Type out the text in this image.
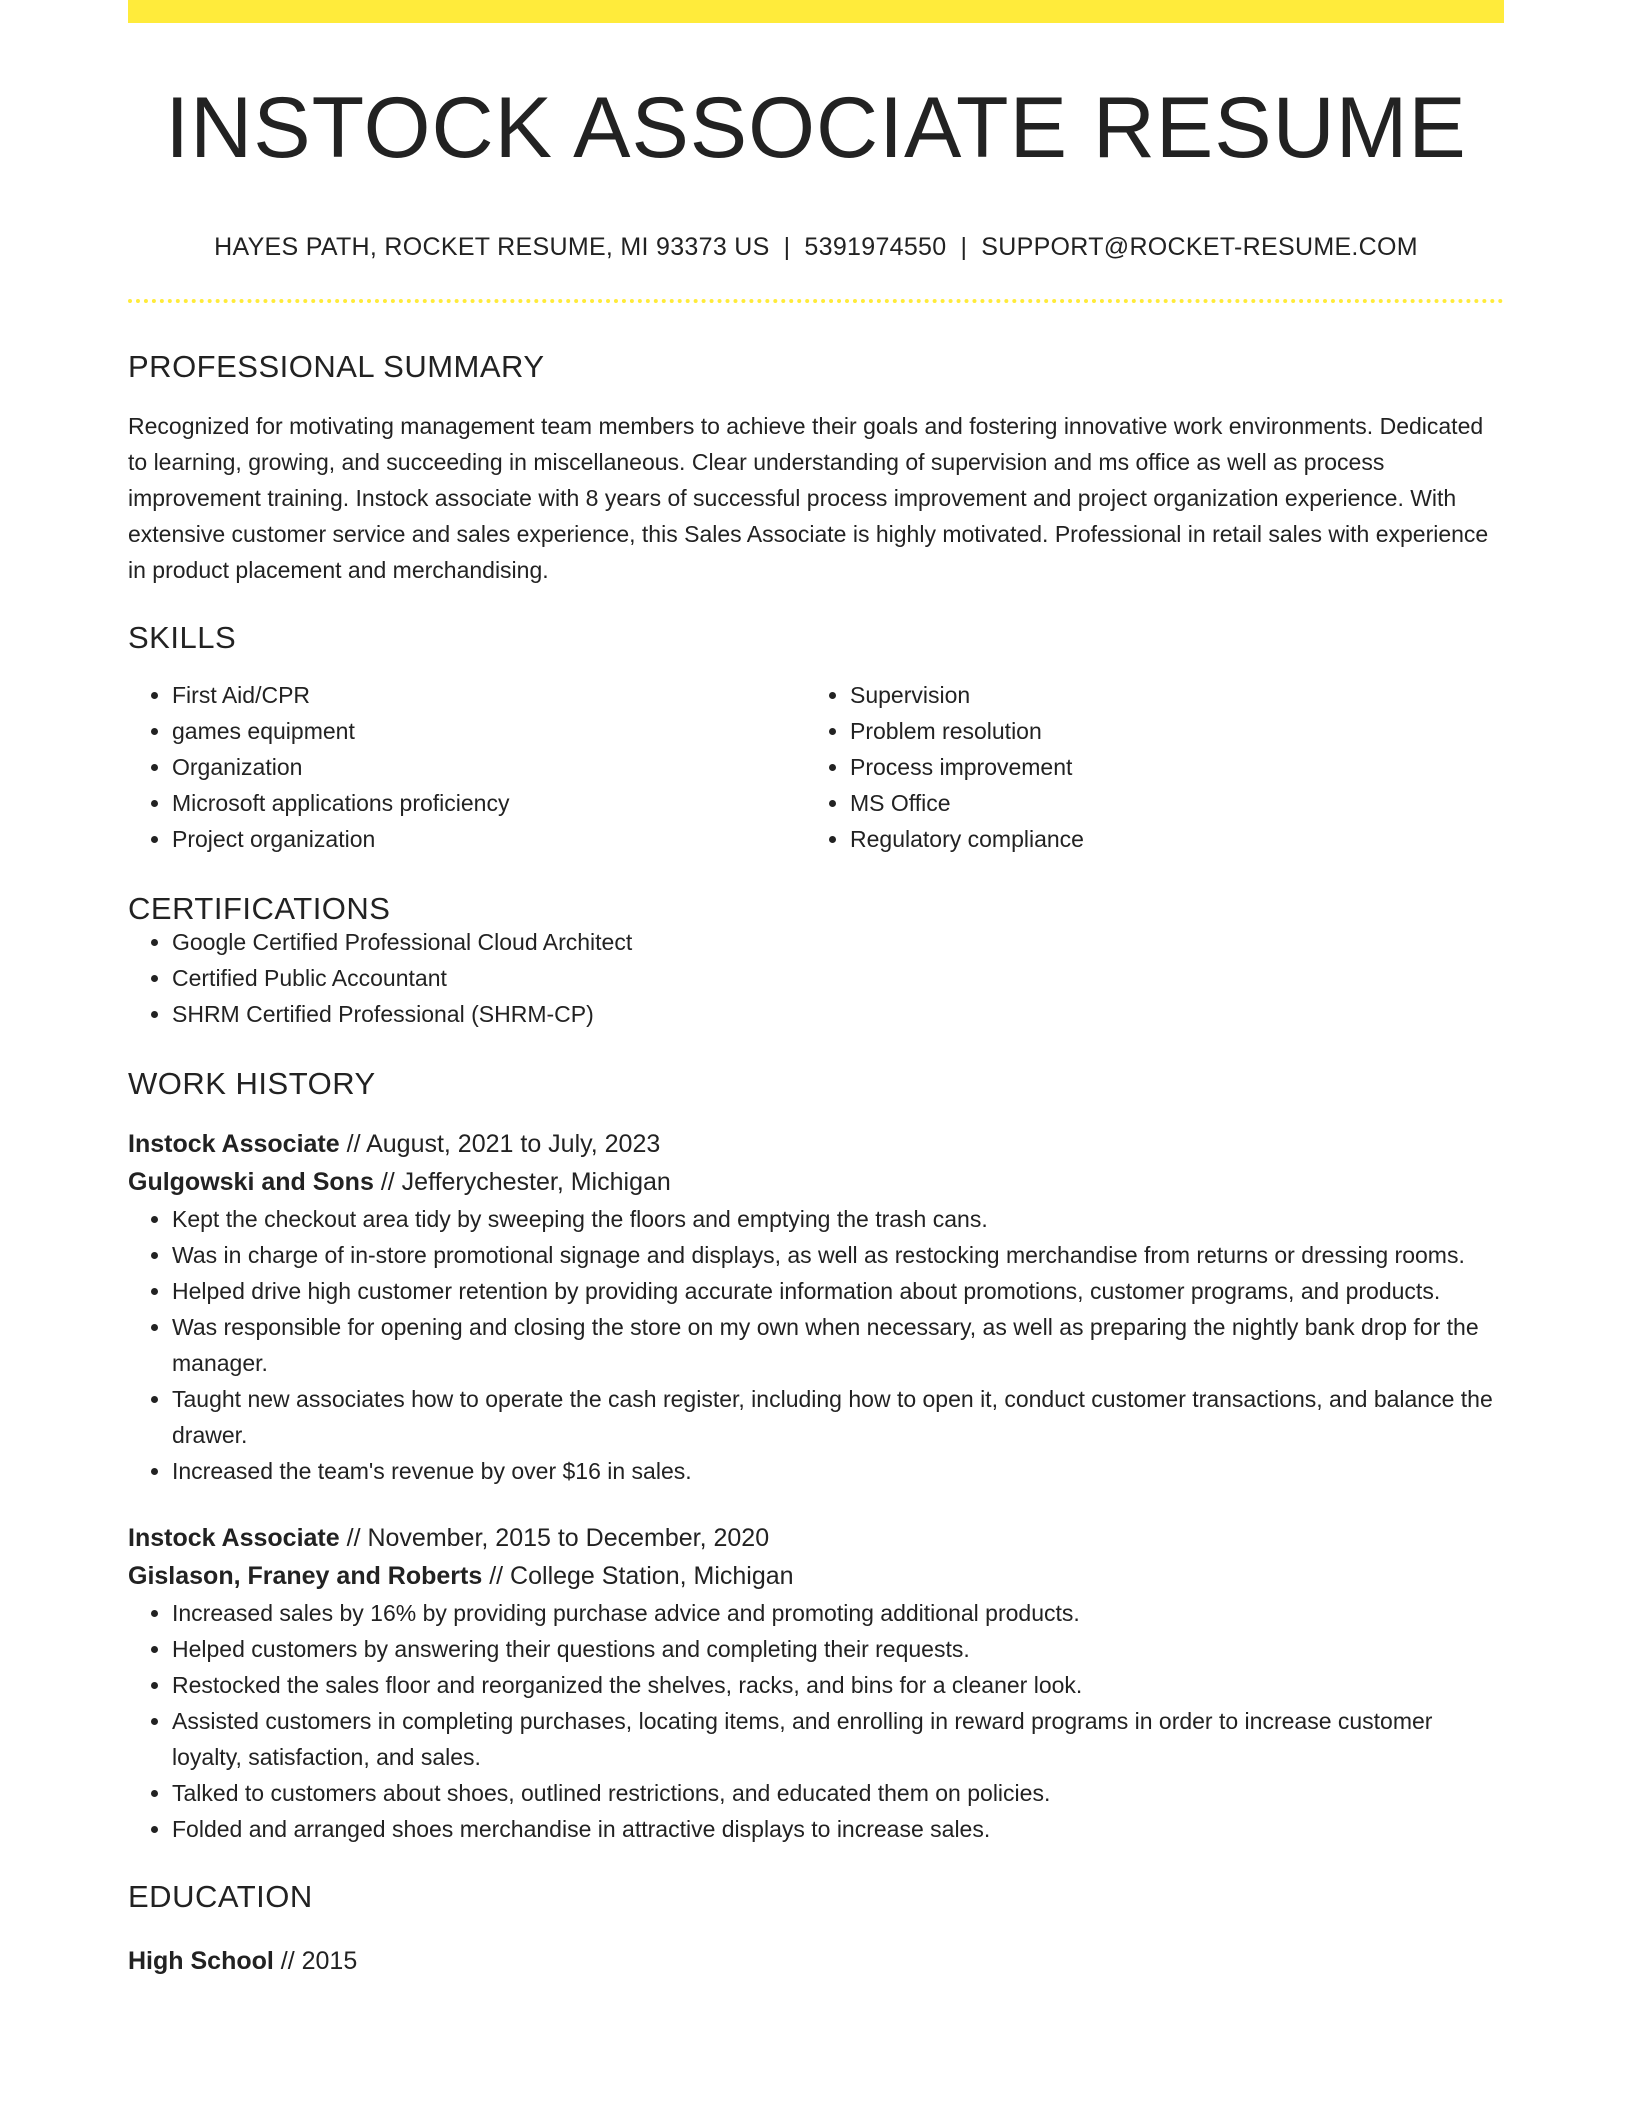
INSTOCK ASSOCIATE RESUME
HAYES PATH, ROCKET RESUME, MI 93373 US | 5391974550 | SUPPORT@ROCKET-RESUME.COM
PROFESSIONAL SUMMARY
Recognized for motivating management team members to achieve their goals and fostering innovative work environments. Dedicated to learning, growing, and succeeding in miscellaneous. Clear understanding of supervision and ms office as well as process improvement training. Instock associate with 8 years of successful process improvement and project organization experience. With extensive customer service and sales experience, this Sales Associate is highly motivated. Professional in retail sales with experience in product placement and merchandising.
SKILLS
• First Aid/CPR
• games equipment
• Organization
• Microsoft applications proficiency
• Project organization
• Supervision
• Problem resolution
• Process improvement
• MS Office
• Regulatory compliance
CERTIFICATIONS
• Google Certified Professional Cloud Architect
• Certified Public Accountant
• SHRM Certified Professional (SHRM-CP)
WORK HISTORY
Instock Associate // August, 2021 to July, 2023
Gulgowski and Sons // Jefferychester, Michigan
• Kept the checkout area tidy by sweeping the floors and emptying the trash cans.
• Was in charge of in-store promotional signage and displays, as well as restocking merchandise from returns or dressing rooms.
• Helped drive high customer retention by providing accurate information about promotions, customer programs, and products.
• Was responsible for opening and closing the store on my own when necessary, as well as preparing the nightly bank drop for the manager.
• Taught new associates how to operate the cash register, including how to open it, conduct customer transactions, and balance the drawer.
• Increased the team's revenue by over $16 in sales.
Instock Associate // November, 2015 to December, 2020
Gislason, Franey and Roberts // College Station, Michigan
• Increased sales by 16% by providing purchase advice and promoting additional products.
• Helped customers by answering their questions and completing their requests.
• Restocked the sales floor and reorganized the shelves, racks, and bins for a cleaner look.
• Assisted customers in completing purchases, locating items, and enrolling in reward programs in order to increase customer loyalty, satisfaction, and sales.
• Talked to customers about shoes, outlined restrictions, and educated them on policies.
• Folded and arranged shoes merchandise in attractive displays to increase sales.
EDUCATION
High School // 2015
